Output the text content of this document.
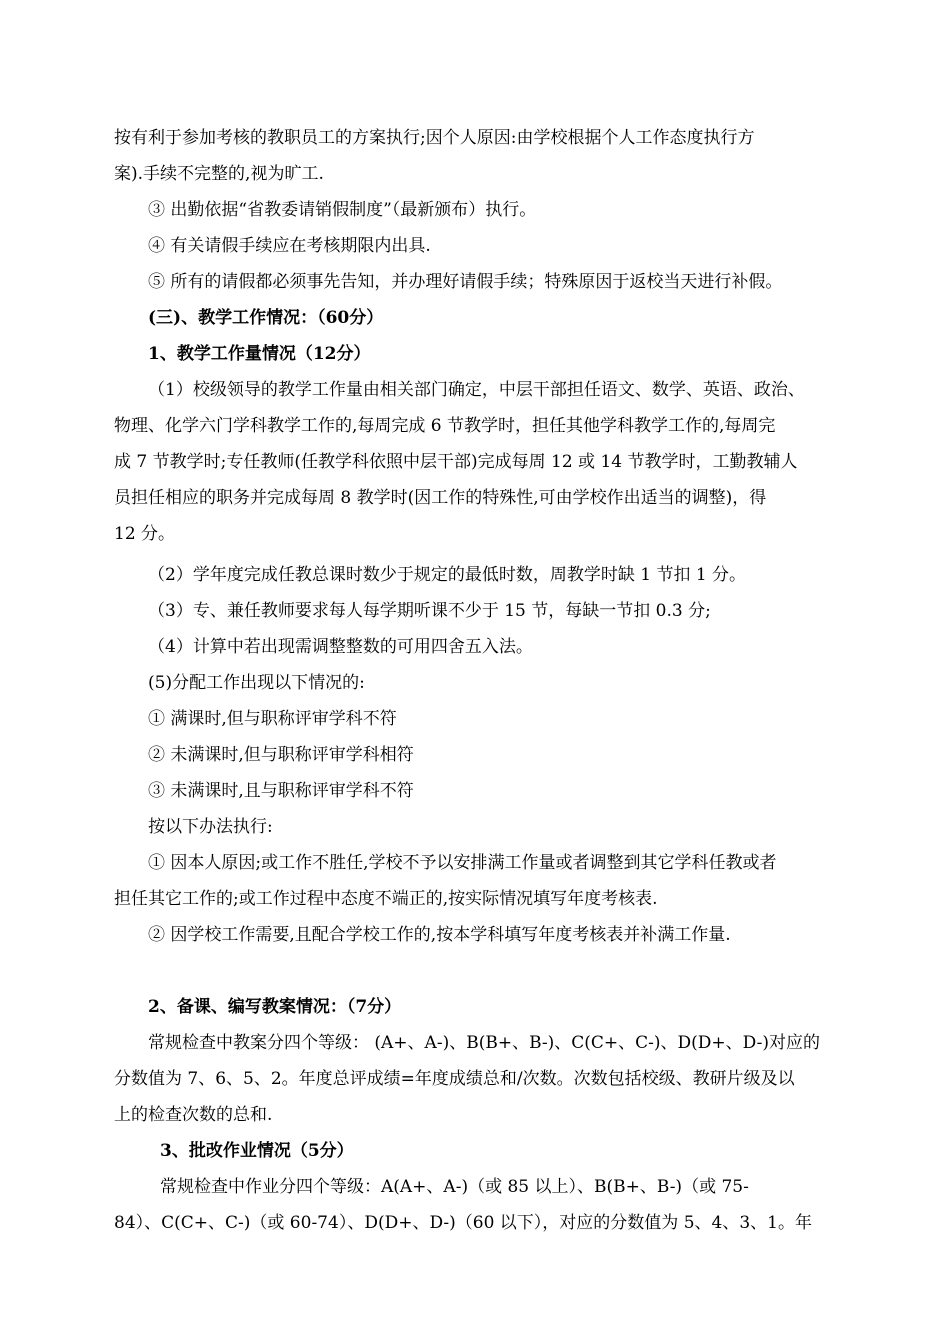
按有利于参加考核的教职员工的方案执行;因个人原因:由学校根据个人工作态度执行方
案).手续不完整的,视为旷工.
③ 出勤依据“省教委请销假制度”（最新颁布）执行。
④ 有关请假手续应在考核期限内出具.
⑤ 所有的请假都必须事先告知，并办理好请假手续；特殊原因于返校当天进行补假。
(三)、教学工作情况：（60分）
1、教学工作量情况（12分）
（1）校级领导的教学工作量由相关部门确定，中层干部担任语文、数学、英语、政治、
物理、化学六门学科教学工作的,每周完成 6 节教学时，担任其他学科教学工作的,每周完
成 7 节教学时;专任教师(任教学科依照中层干部)完成每周 12 或 14 节教学时，工勤教辅人
员担任相应的职务并完成每周 8 教学时(因工作的特殊性,可由学校作出适当的调整)，得
12 分。
（2）学年度完成任教总课时数少于规定的最低时数，周教学时缺 1 节扣 1 分。
（3）专、兼任教师要求每人每学期听课不少于 15 节，每缺一节扣 0.3 分;
（4）计算中若出现需调整整数的可用四舍五入法。
(5)分配工作出现以下情况的:
① 满课时,但与职称评审学科不符
② 未满课时,但与职称评审学科相符
③ 未满课时,且与职称评审学科不符
按以下办法执行:
① 因本人原因;或工作不胜任,学校不予以安排满工作量或者调整到其它学科任教或者
担任其它工作的;或工作过程中态度不端正的,按实际情况填写年度考核表.
② 因学校工作需要,且配合学校工作的,按本学科填写年度考核表并补满工作量.
2、备课、编写教案情况：（7分）
常规检查中教案分四个等级： (A+、A-)、B(B+、B-)、C(C+、C-)、D(D+、D-)对应的
分数值为 7、6、5、2。年度总评成绩=年度成绩总和/次数。次数包括校级、教研片级及以
上的检查次数的总和.
3、批改作业情况（5分）
常规检查中作业分四个等级：A(A+、A-)（或 85 以上）、B(B+、B-)（或 75-
84）、C(C+、C-)（或 60-74）、D(D+、D-)（60 以下），对应的分数值为 5、4、3、1。年
